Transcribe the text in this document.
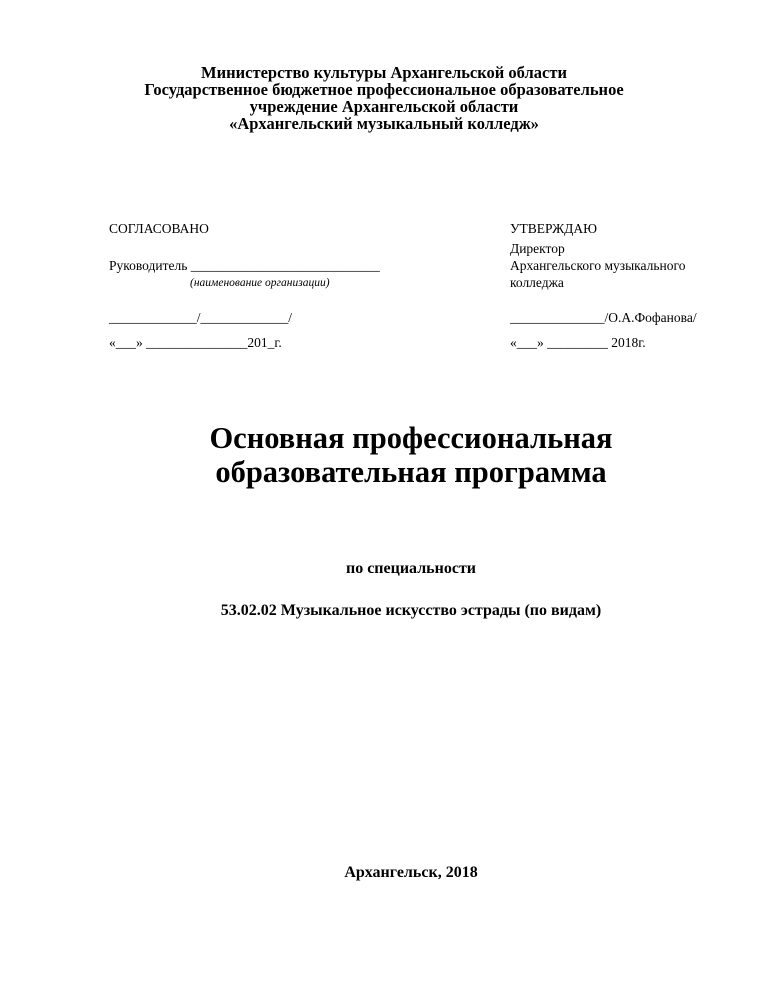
Министерство культуры Архангельской области
Государственное бюджетное профессиональное образовательное
учреждение Архангельской области
«Архангельский музыкальный колледж»
СОГЛАСОВАНО
Руководитель ____________________________
(наименование организации)
_____________/_____________/
«___» _______________201_г.
УТВЕРЖДАЮ
Директор
Архангельского музыкального
колледжа
______________/О.А.Фофанова/
«___» _________ 2018г.
Основная профессиональная
образовательная программа
по специальности
53.02.02 Музыкальное искусство эстрады (по видам)
Архангельск, 2018
